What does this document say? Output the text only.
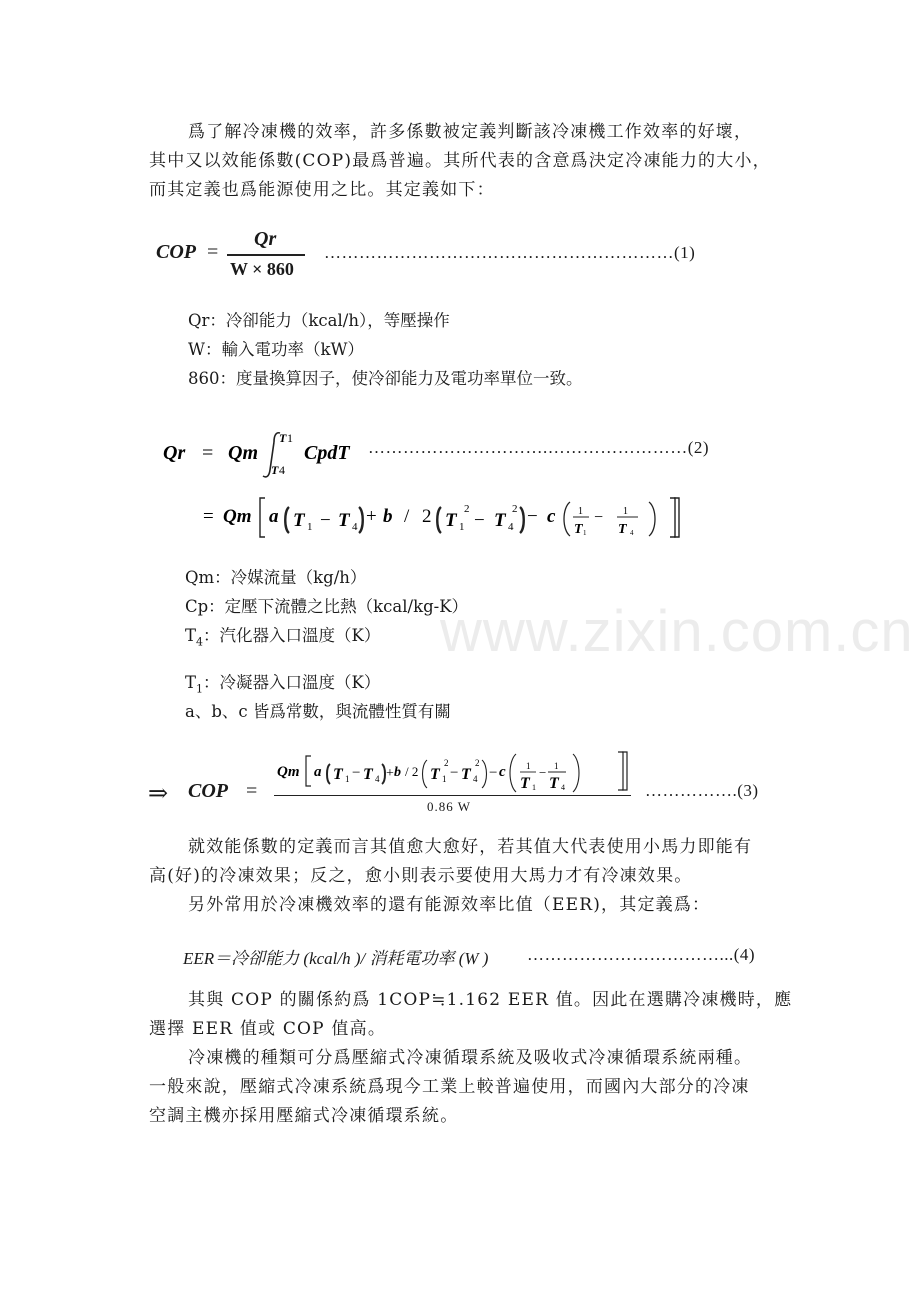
www.zixin.com.cn
爲了解冷凍機的效率，許多係數被定義判斷該冷凍機工作效率的好壞，
其中又以效能係數(COP)最爲普遍。其所代表的含意爲決定冷凍能力的大小，
而其定義也爲能源使用之比。其定義如下：
COP =
Qr
W × 860
……………………………………………………(1)
Qr：冷卻能力（kcal/h），等壓操作
W：輸入電功率（kW）
860：度量換算因子，使冷卻能力及電功率單位一致。
Qr = Qm
T 1
T 4
CpdT
= Qm a T 1 − T 4 + b / 2 T
2
1 − T
2
4 − c 1
T 1
− 1
T 4
………………………….……………………(2)
Qm：冷媒流量（kg/h）
Cp：定壓下流體之比熱（kcal/kg-K）
$T_4$：汽化器入口溫度（K）
$T_1$：冷凝器入口溫度（K）
a、b、c 皆爲常數，與流體性質有關
⇒ COP =
Qm a T 1 − T 4 + b / 2 T
2
1 − T
2
4 − c 1
T 1
− 1
T 4
0.86 W
…………….(3)
就效能係數的定義而言其值愈大愈好，若其值大代表使用小馬力即能有
高(好)的冷凍效果；反之，愈小則表示要使用大馬力才有冷凍效果。
另外常用於冷凍機效率的還有能源效率比值（EER)，其定義爲：
EER＝冷卻能力 (kcal/h )/ 消耗電功率 (W ) ……………………………...(4)
其與 COP 的關係約爲 1COP≒1.162 EER 值。因此在選購冷凍機時，應
選擇 EER 值或 COP 值高。
冷凍機的種類可分爲壓縮式冷凍循環系統及吸收式冷凍循環系統兩種。
一般來說，壓縮式冷凍系統爲現今工業上較普遍使用，而國內大部分的冷凍
空調主機亦採用壓縮式冷凍循環系統。
